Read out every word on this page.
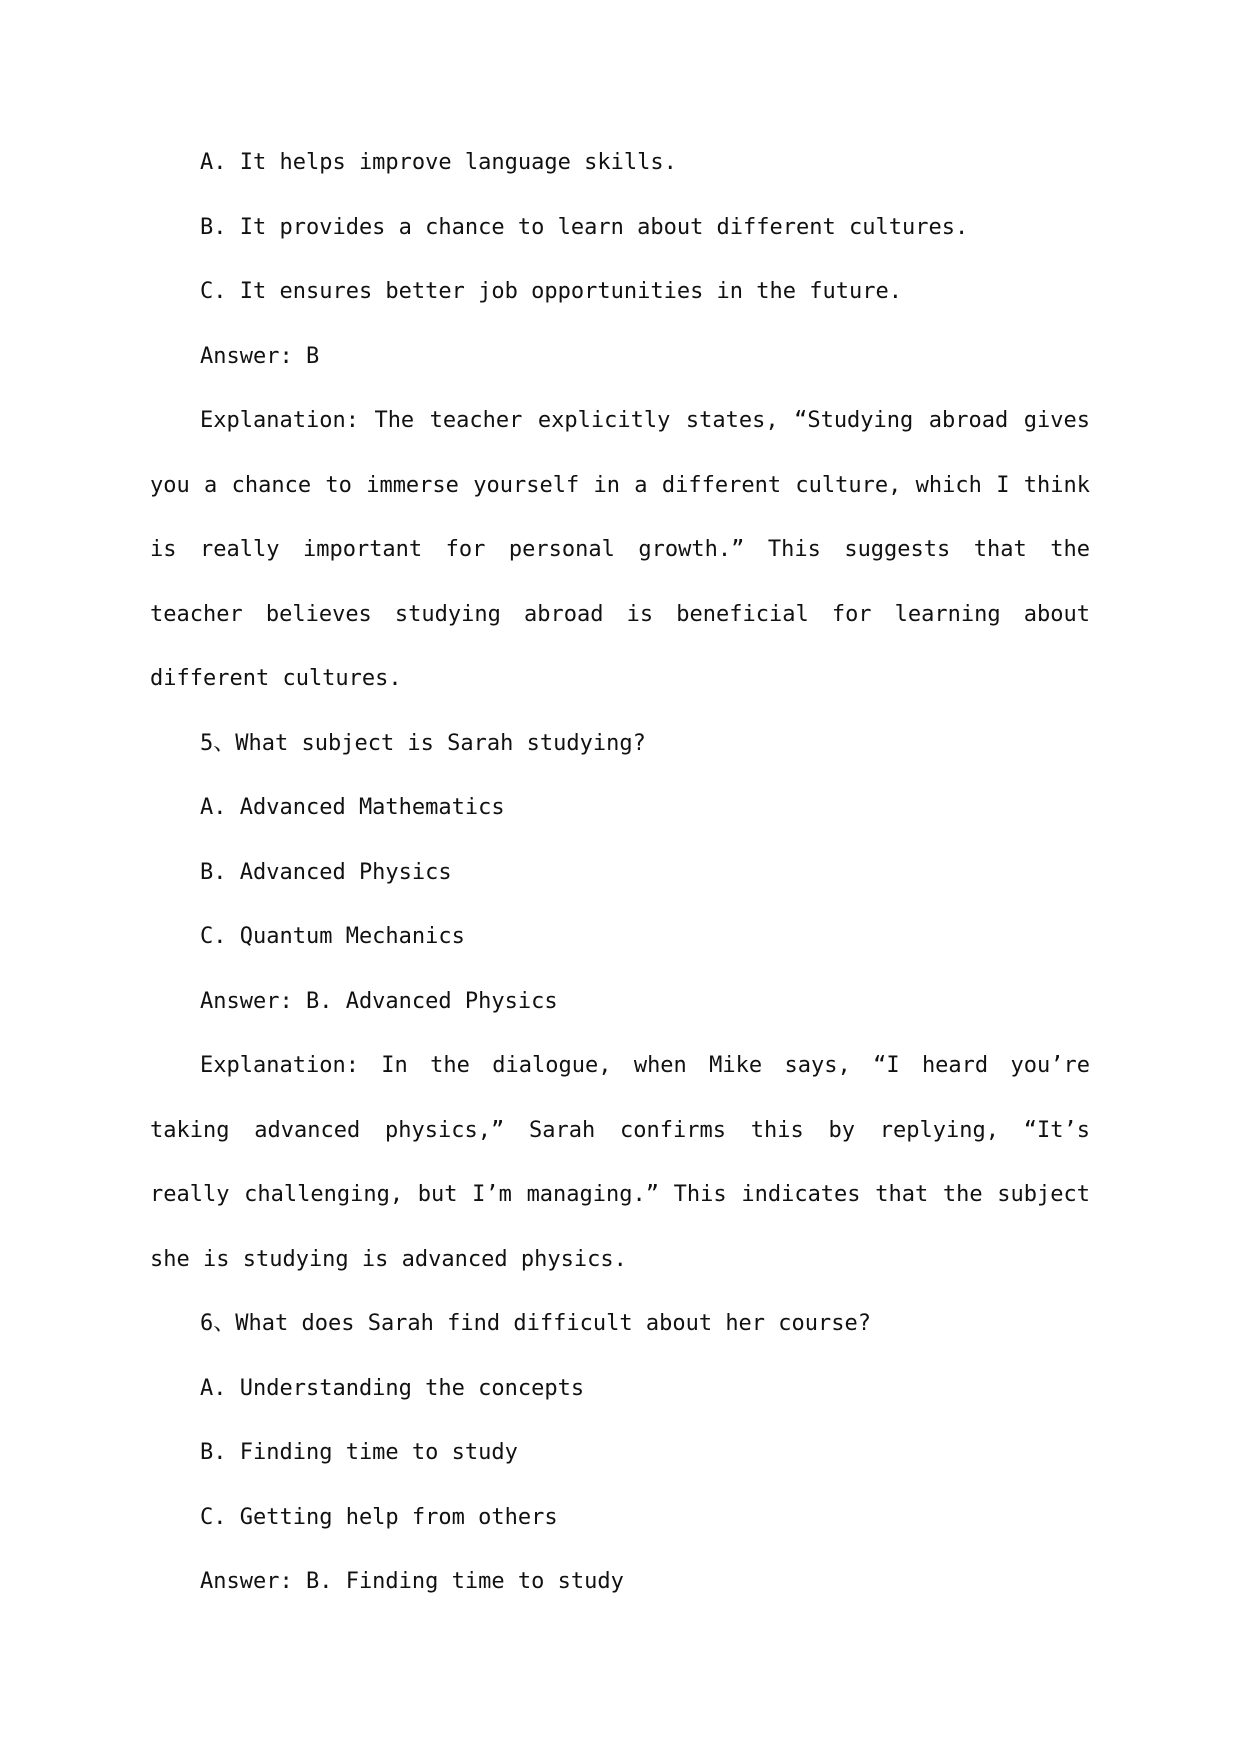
A. It helps improve language skills.
B. It provides a chance to learn about different cultures.
C. It ensures better job opportunities in the future.
Answer: B

Explanation: The teacher explicitly states, “Studying abroad gives you a chance to immerse yourself in a different culture, which I think is really important for personal growth.” This suggests that the teacher believes studying abroad is beneficial for learning about different cultures.

5、What subject is Sarah studying?
A. Advanced Mathematics
B. Advanced Physics
C. Quantum Mechanics
Answer: B. Advanced Physics

Explanation: In the dialogue, when Mike says, “I heard you’re taking advanced physics,” Sarah confirms this by replying, “It’s really challenging, but I’m managing.” This indicates that the subject she is studying is advanced physics.

6、What does Sarah find difficult about her course?
A. Understanding the concepts
B. Finding time to study
C. Getting help from others
Answer: B. Finding time to study
